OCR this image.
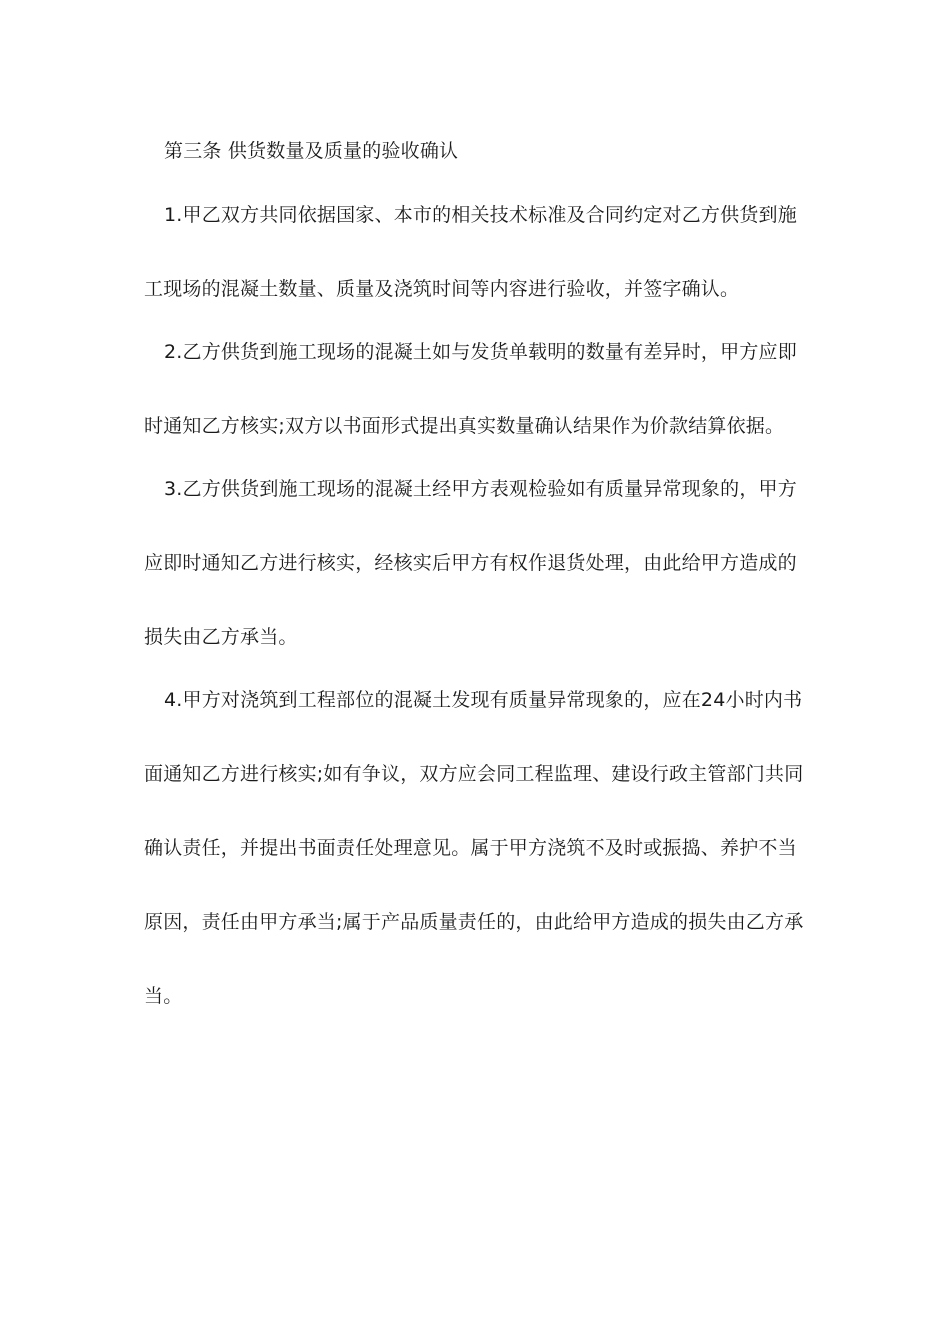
第三条 供货数量及质量的验收确认
1.甲乙双方共同依据国家、本市的相关技术标准及合同约定对乙方供货到施
工现场的混凝土数量、质量及浇筑时间等内容进行验收，并签字确认。
2.乙方供货到施工现场的混凝土如与发货单载明的数量有差异时，甲方应即
时通知乙方核实;双方以书面形式提出真实数量确认结果作为价款结算依据。
3.乙方供货到施工现场的混凝土经甲方表观检验如有质量异常现象的，甲方
应即时通知乙方进行核实，经核实后甲方有权作退货处理，由此给甲方造成的
损失由乙方承当。
4.甲方对浇筑到工程部位的混凝土发现有质量异常现象的，应在24小时内书
面通知乙方进行核实;如有争议，双方应会同工程监理、建设行政主管部门共同
确认责任，并提出书面责任处理意见。属于甲方浇筑不及时或振捣、养护不当
原因，责任由甲方承当;属于产品质量责任的，由此给甲方造成的损失由乙方承
当。
